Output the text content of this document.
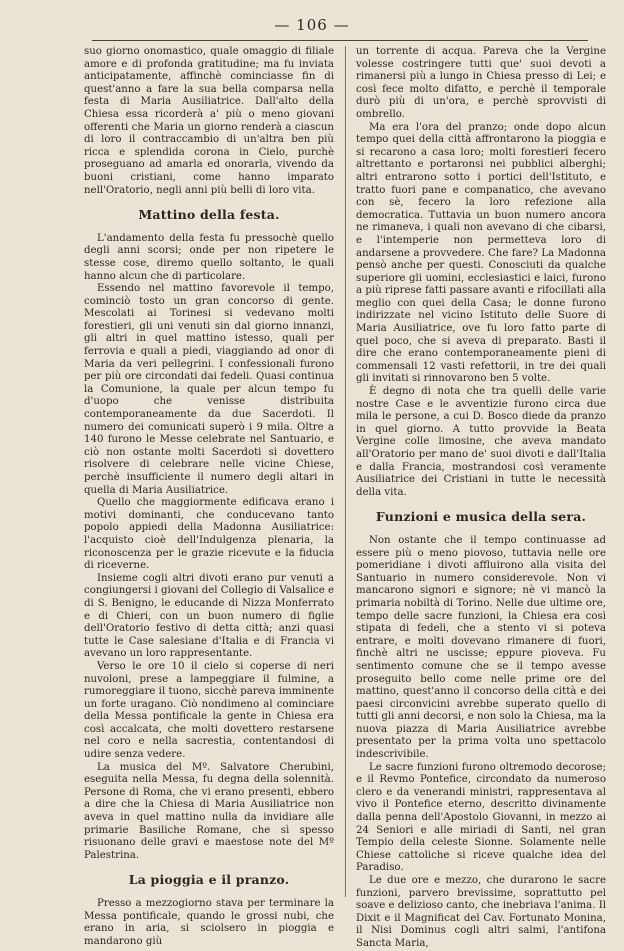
— 106 —

suo giorno onomastico, quale omaggio di filiale amore e di profonda gratitudine; ma fu inviata anticipatamente, affinchè cominciasse fin di quest'anno a fare la sua bella comparsa nella festa di Maria Ausiliatrice. Dall'alto della Chiesa essa ricorderà a' più o meno giovani offerenti che Maria un giorno renderà a ciascun di loro il contraccambio di un'altra ben più ricca e splendida corona in Cielo, purchè proseguano ad amarla ed onorarla, vivendo da buoni cristiani, come hanno imparato nell'Oratorio, negli anni più belli di loro vita.

Mattino della festa.

L'andamento della festa fu pressochè quello degli anni scorsi; onde per non ripetere le stesse cose, diremo quello soltanto, le quali hanno alcun che di particolare.

Essendo nel mattino favorevole il tempo, cominciò tosto un gran concorso di gente. Mescolati ai Torinesi si vedevano molti forestieri, gli uni venuti sin dal giorno innanzi, gli altri in quel mattino istesso, quali per ferrovia e quali a piedi, viaggiando ad onor di Maria da veri pellegrini. I confessionali furono per più ore circondati dai fedeli. Quasi continua la Comunione, la quale per alcun tempo fu d'uopo che venisse distribuita contemporaneamente da due Sacerdoti. Il numero dei comunicati superò i 9 mila. Oltre a 140 furono le Messe celebrate nel Santuario, e ciò non ostante molti Sacerdoti si dovettero risolvere di celebrare nelle vicine Chiese, perchè insufficiente il numero degli altari in quella di Maria Ausiliatrice.

Quello che maggiormente edificava erano i motivi dominanti, che conducevano tanto popolo appiedi della Madonna Ausiliatrice: l'acquisto cioè dell'Indulgenza plenaria, la riconoscenza per le grazie ricevute e la fiducia di riceverne.

Insieme cogli altri divoti erano pur venuti a congiungersi i giovani del Collegio di Valsalice e di S. Benigno, le educande di Nizza Monferrato e di Chieri, con un buon numero di figlie dell'Oratorio festivo di detta città; anzi quasi tutte le Case salesiane d'Italia e di Francia vi avevano un loro rappresentante.

Verso le ore 10 il cielo si coperse di neri nuvoloni, prese a lampeggiare il fulmine, a rumoreggiare il tuono, sicchè pareva imminente un forte uragano. Ciò nondimeno al cominciare della Messa pontificale la gente in Chiesa era così accalcata, che molti dovettero restarsene nel coro e nella sacrestia, contentandosi di udire senza vedere.

La musica del Mº. Salvatore Cherubini, eseguita nella Messa, fu degna della solennità. Persone di Roma, che vi erano presenti, ebbero a dire che la Chiesa di Maria Ausiliatrice non aveva in quel mattino nulla da invidiare alle primarie Basiliche Romane, che sì spesso risuonano delle gravi e maestose note del Mº Palestrina.

La pioggia e il pranzo.

Presso a mezzogiorno stava per terminare la Messa pontificale, quando le grossi nubi, che erano in aria, si sciolsero in pioggia e mandarono giù

un torrente di acqua. Pareva che la Vergine volesse costringere tutti que' suoi devoti a rimanersi più a lungo in Chiesa presso di Lei; e così fece molto difatto, e perchè il temporale durò più di un'ora, e perchè sprovvisti di ombrello.

Ma era l'ora del pranzo; onde dopo alcun tempo quei della città affrontarono la pioggia e si recarono a casa loro; molti forestieri fecero altrettanto e portaronsi nei pubblici alberghi; altri entrarono sotto i portici dell'Istituto, e tratto fuori pane e companatico, che avevano con sè, fecero la loro refezione alla democratica. Tuttavia un buon numero ancora ne rimaneva, i quali non avevano di che cibarsi, e l'intemperie non permetteva loro di andarsene a provvedere. Che fare? La Madonna pensò anche per questi. Conosciuti da qualche superiore gli uomini, ecclesiastici e laici, furono a più riprese fatti passare avanti e rifocillati alla meglio con quei della Casa; le donne furono indirizzate nel vicino Istituto delle Suore di Maria Ausiliatrice, ove fu loro fatto parte di quel poco, che si aveva di preparato. Basti il dire che erano contemporaneamente pieni di commensali 12 vasti refettorii, in tre dei quali gli invitati si rinnovarono ben 5 volte.

È degno di nota che tra quelli delle varie nostre Case e le avventizie furono circa due mila le persone, a cui D. Bosco diede da pranzo in quel giorno. A tutto provvide la Beata Vergine colle limosine, che aveva mandato all'Oratorio per mano de' suoi divoti e dall'Italia e dalla Francia, mostrandosi così veramente Ausiliatrice dei Cristiani in tutte le necessità della vita.

Funzioni e musica della sera.

Non ostante che il tempo continuasse ad essere più o meno piovoso, tuttavia nelle ore pomeridiane i divoti affluirono alla visita del Santuario in numero considerevole. Non vi mancarono signori e signore; nè vi mancò la primaria nobiltà di Torino. Nelle due ultime ore, tempo delle sacre funzioni, la Chiesa era così stipata di fedeli, che a stento vi si poteva entrare, e molti dovevano rimanere di fuori, finchè altri ne uscisse; eppure pioveva. Fu sentimento comune che se il tempo avesse proseguito bello come nelle prime ore del mattino, quest'anno il concorso della città e dei paesi circonvicini avrebbe superato quello di tutti gli anni decorsi, e non solo la Chiesa, ma la nuova piazza di Maria Ausiliatrice avrebbe presentato per la prima volta uno spettacolo indescrivibile.

Le sacre funzioni furono oltremodo decorose; e il Revmo Pontefice, circondato da numeroso clero e da venerandi ministri, rappresentava al vivo il Pontefice eterno, descritto divinamente dalla penna dell'Apostolo Giovanni, in mezzo ai 24 Seniori e alle miriadi di Santi, nel gran Tempio della celeste Sionne. Solamente nelle Chiese cattoliche si riceve qualche idea del Paradiso.

Le due ore e mezzo, che durarono le sacre funzioni, parvero brevissime, soprattutto pel soave e delizioso canto, che inebriava l'anima. Il Dixit e il Magnificat del Cav. Fortunato Monina, il Nisi Dominus cogli altri salmi, l'antifona Sancta Maria,
